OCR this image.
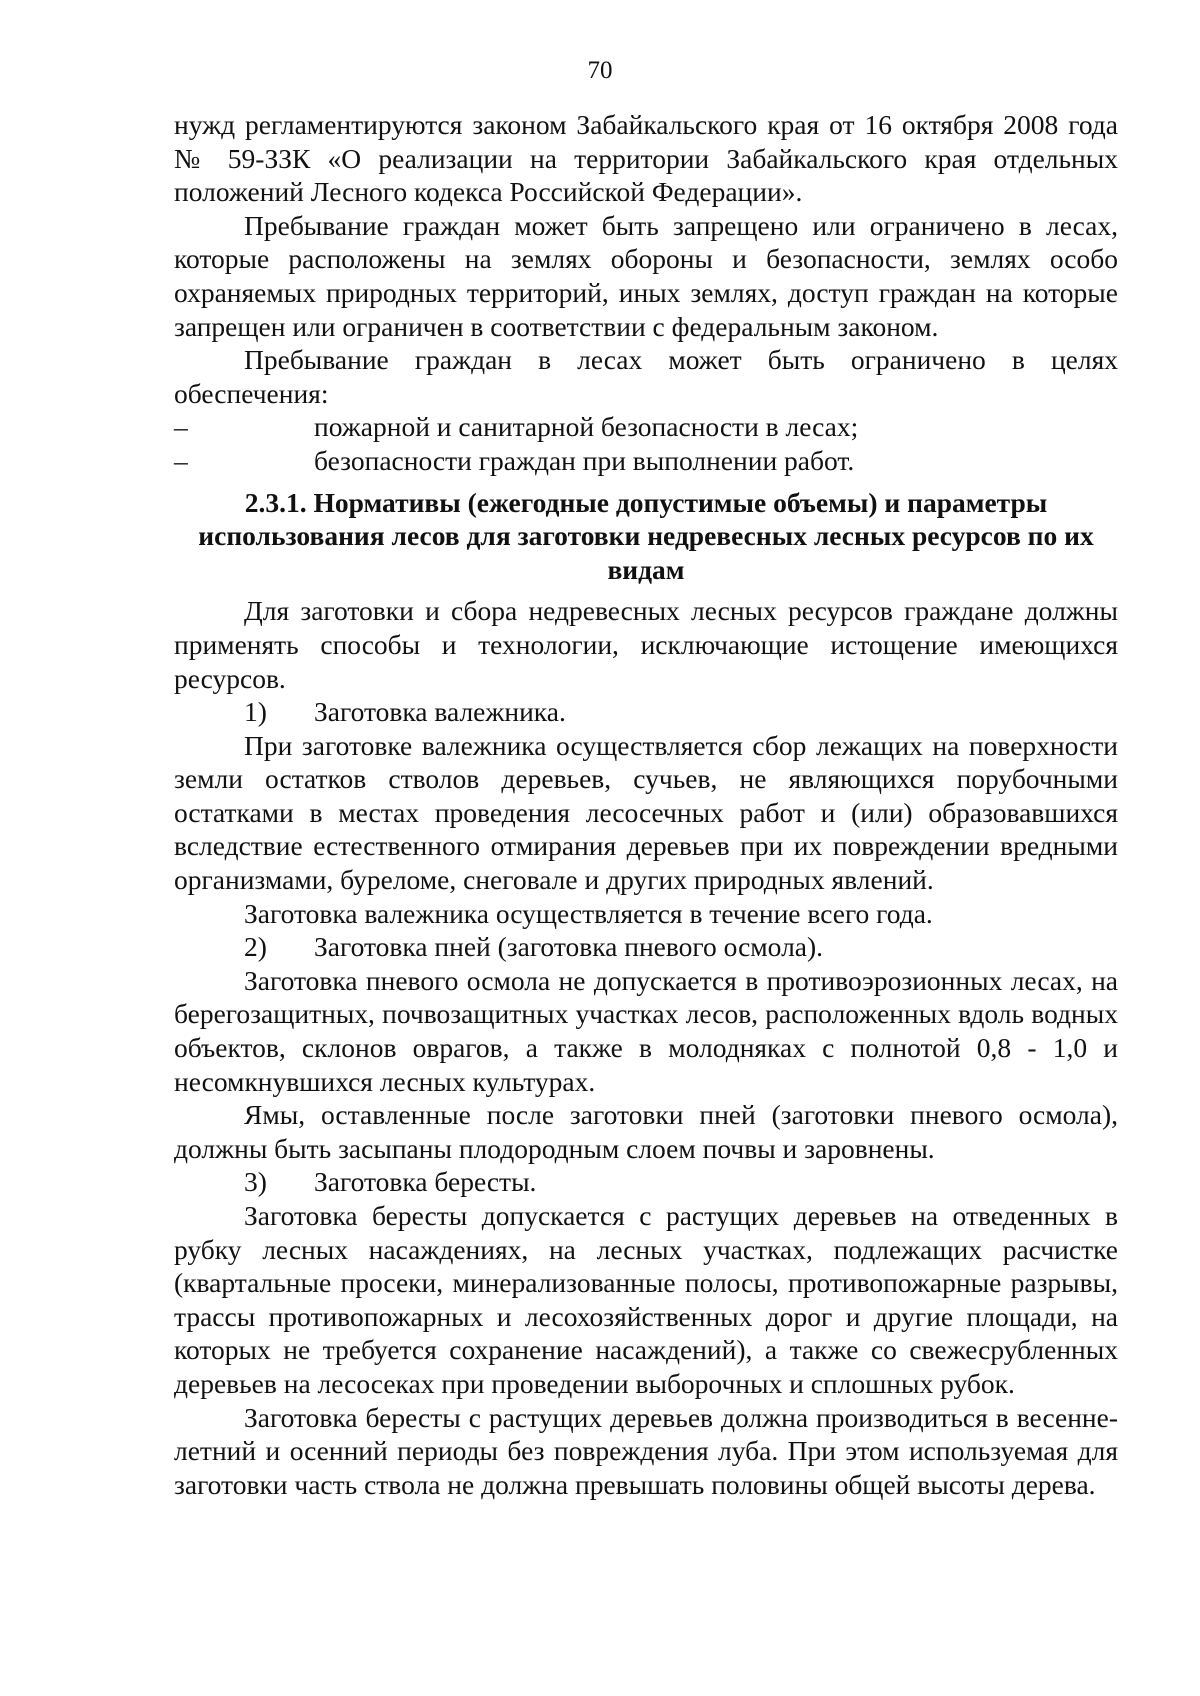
70

нужд регламентируются законом Забайкальского края от 16 октября 2008 года № 59-ЗЗК «О реализации на территории Забайкальского края отдельных положений Лесного кодекса Российской Федерации».

Пребывание граждан может быть запрещено или ограничено в лесах, которые расположены на землях обороны и безопасности, землях особо охраняемых природных территорий, иных землях, доступ граждан на которые запрещен или ограничен в соответствии с федеральным законом.

Пребывание граждан в лесах может быть ограничено в целях обеспечения:

–	пожарной и санитарной безопасности в лесах;
–	безопасности граждан при выполнении работ.

2.3.1. Нормативы (ежегодные допустимые объемы) и параметры использования лесов для заготовки недревесных лесных ресурсов по их видам

Для заготовки и сбора недревесных лесных ресурсов граждане должны применять способы и технологии, исключающие истощение имеющихся ресурсов.

1)	Заготовка валежника.

При заготовке валежника осуществляется сбор лежащих на поверхности земли остатков стволов деревьев, сучьев, не являющихся порубочными остатками в местах проведения лесосечных работ и (или) образовавшихся вследствие естественного отмирания деревьев при их повреждении вредными организмами, буреломе, снеговале и других природных явлений.

Заготовка валежника осуществляется в течение всего года.

2)	Заготовка пней (заготовка пневого осмола).

Заготовка пневого осмола не допускается в противоэрозионных лесах, на берегозащитных, почвозащитных участках лесов, расположенных вдоль водных объектов, склонов оврагов, а также в молодняках с полнотой 0,8 - 1,0 и несомкнувшихся лесных культурах.

Ямы, оставленные после заготовки пней (заготовки пневого осмола), должны быть засыпаны плодородным слоем почвы и заровнены.

3)	Заготовка бересты.

Заготовка бересты допускается с растущих деревьев на отведенных в рубку лесных насаждениях, на лесных участках, подлежащих расчистке (квартальные просеки, минерализованные полосы, противопожарные разрывы, трассы противопожарных и лесохозяйственных дорог и другие площади, на которых не требуется сохранение насаждений), а также со свежесрубленных деревьев на лесосеках при проведении выборочных и сплошных рубок.

Заготовка бересты с растущих деревьев должна производиться в весенне-летний и осенний периоды без повреждения луба. При этом используемая для заготовки часть ствола не должна превышать половины общей высоты дерева.
